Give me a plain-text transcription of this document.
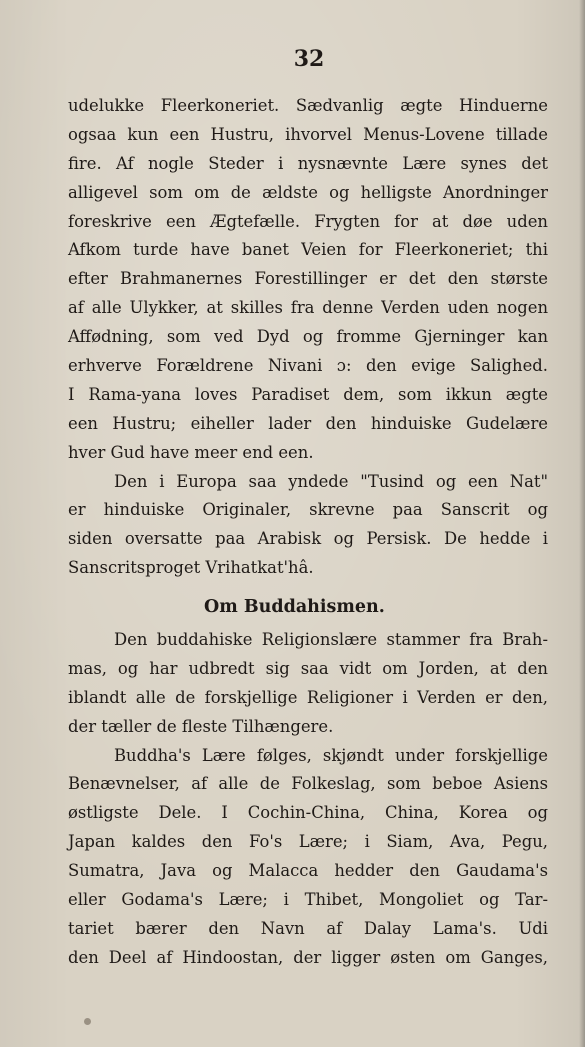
32
udelukke Fleerkoneriet. Sædvanlig ægte Hinduerne
ogsaa kun een Hustru, ihvorvel Menus-Lovene tillade
fire. Af nogle Steder i nysnævnte Lære synes det
alligevel som om de ældste og helligste Anordninger
foreskrive een Ægtefælle. Frygten for at døe uden
Afkom turde have banet Veien for Fleerkoneriet; thi
efter Brahmanernes Forestillinger er det den største
af alle Ulykker, at skilles fra denne Verden uden nogen
Affødning, som ved Dyd og fromme Gjerninger kan
erhverve Forældrene Nivani ɔ: den evige Salighed.
I Rama-yana loves Paradiset dem, som ikkun ægte
een Hustru; eiheller lader den hinduiske Gudelære
hver Gud have meer end een.
Den i Europa saa yndede "Tusind og een Nat"
er hinduiske Originaler, skrevne paa Sanscrit og
siden oversatte paa Arabisk og Persisk. De hedde i
Sanscritsproget Vrihatkat'hâ.
Om Buddahismen.
Den buddahiske Religionslære stammer fra Brah-
mas, og har udbredt sig saa vidt om Jorden, at den
iblandt alle de forskjellige Religioner i Verden er den,
der tæller de fleste Tilhængere.
Buddha's Lære følges, skjøndt under forskjellige
Benævnelser, af alle de Folkeslag, som beboe Asiens
østligste Dele. I Cochin-China, China, Korea og
Japan kaldes den Fo's Lære; i Siam, Ava, Pegu,
Sumatra, Java og Malacca hedder den Gaudama's
eller Godama's Lære; i Thibet, Mongoliet og Tar-
tariet bærer den Navn af Dalay Lama's. Udi
den Deel af Hindoostan, der ligger østen om Ganges,
